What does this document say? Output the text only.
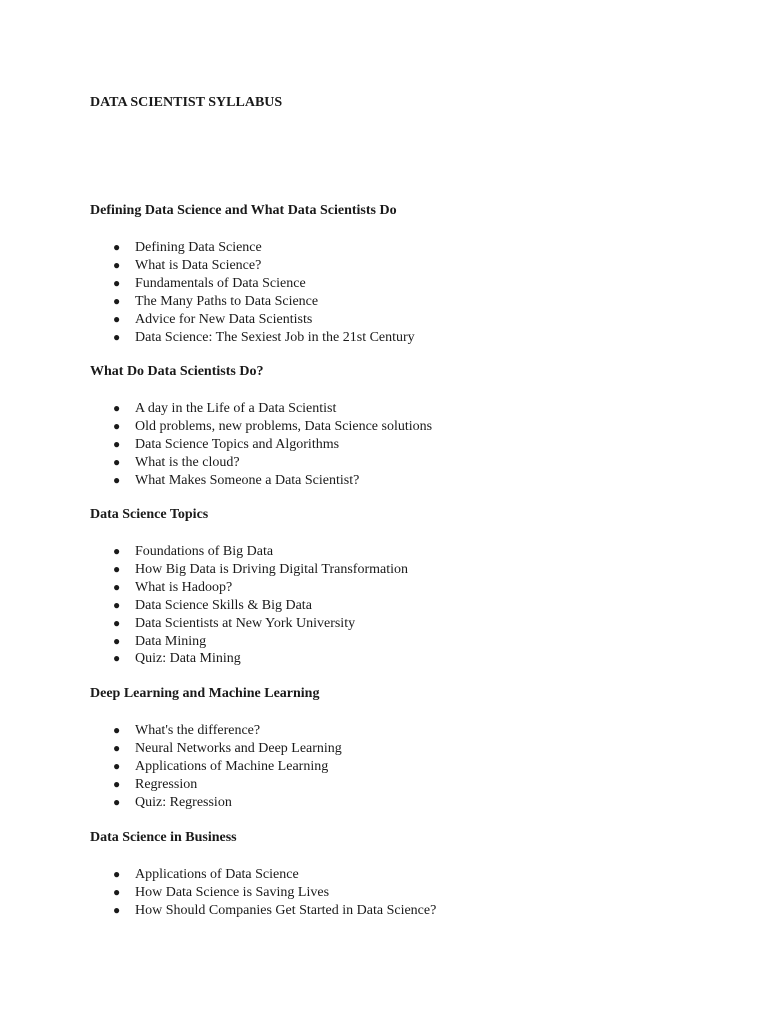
DATA SCIENTIST SYLLABUS
Defining Data Science and What Data Scientists Do
● Defining Data Science
● What is Data Science?
● Fundamentals of Data Science
● The Many Paths to Data Science
● Advice for New Data Scientists
● Data Science: The Sexiest Job in the 21st Century
What Do Data Scientists Do?
● A day in the Life of a Data Scientist
● Old problems, new problems, Data Science solutions
● Data Science Topics and Algorithms
● What is the cloud?
● What Makes Someone a Data Scientist?
Data Science Topics
● Foundations of Big Data
● How Big Data is Driving Digital Transformation
● What is Hadoop?
● Data Science Skills & Big Data
● Data Scientists at New York University
● Data Mining
● Quiz: Data Mining
Deep Learning and Machine Learning
● What's the difference?
● Neural Networks and Deep Learning
● Applications of Machine Learning
● Regression
● Quiz: Regression
Data Science in Business
● Applications of Data Science
● How Data Science is Saving Lives
● How Should Companies Get Started in Data Science?
